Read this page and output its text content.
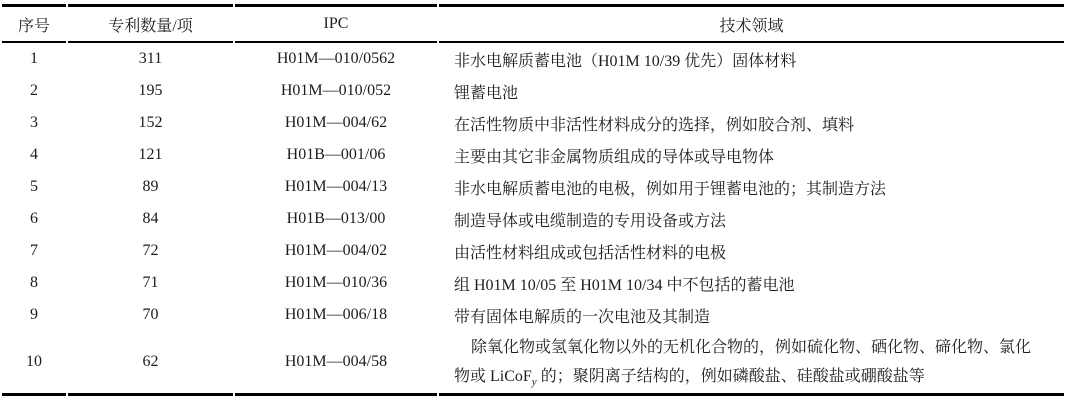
序号	专利数量/项	IPC	技术领域
1	311	H01M—010/0562	非水电解质蓄电池（H01M 10/39 优先）固体材料
2	195	H01M—010/052	锂蓄电池
3	152	H01M—004/62	在活性物质中非活性材料成分的选择，例如胶合剂、填料
4	121	H01B—001/06	主要由其它非金属物质组成的导体或导电物体
5	89	H01M—004/13	非水电解质蓄电池的电极，例如用于锂蓄电池的；其制造方法
6	84	H01B—013/00	制造导体或电缆制造的专用设备或方法
7	72	H01M—004/02	由活性材料组成或包括活性材料的电极
8	71	H01M—010/36	组 H01M 10/05 至 H01M 10/34 中不包括的蓄电池
9	70	H01M—006/18	带有固体电解质的一次电池及其制造
10	62	H01M—004/58	除氧化物或氢氧化物以外的无机化合物的，例如硫化物、硒化物、碲化物、氯化物或 LiCoF$_y$ 的；聚阴离子结构的，例如磷酸盐、硅酸盐或硼酸盐等
